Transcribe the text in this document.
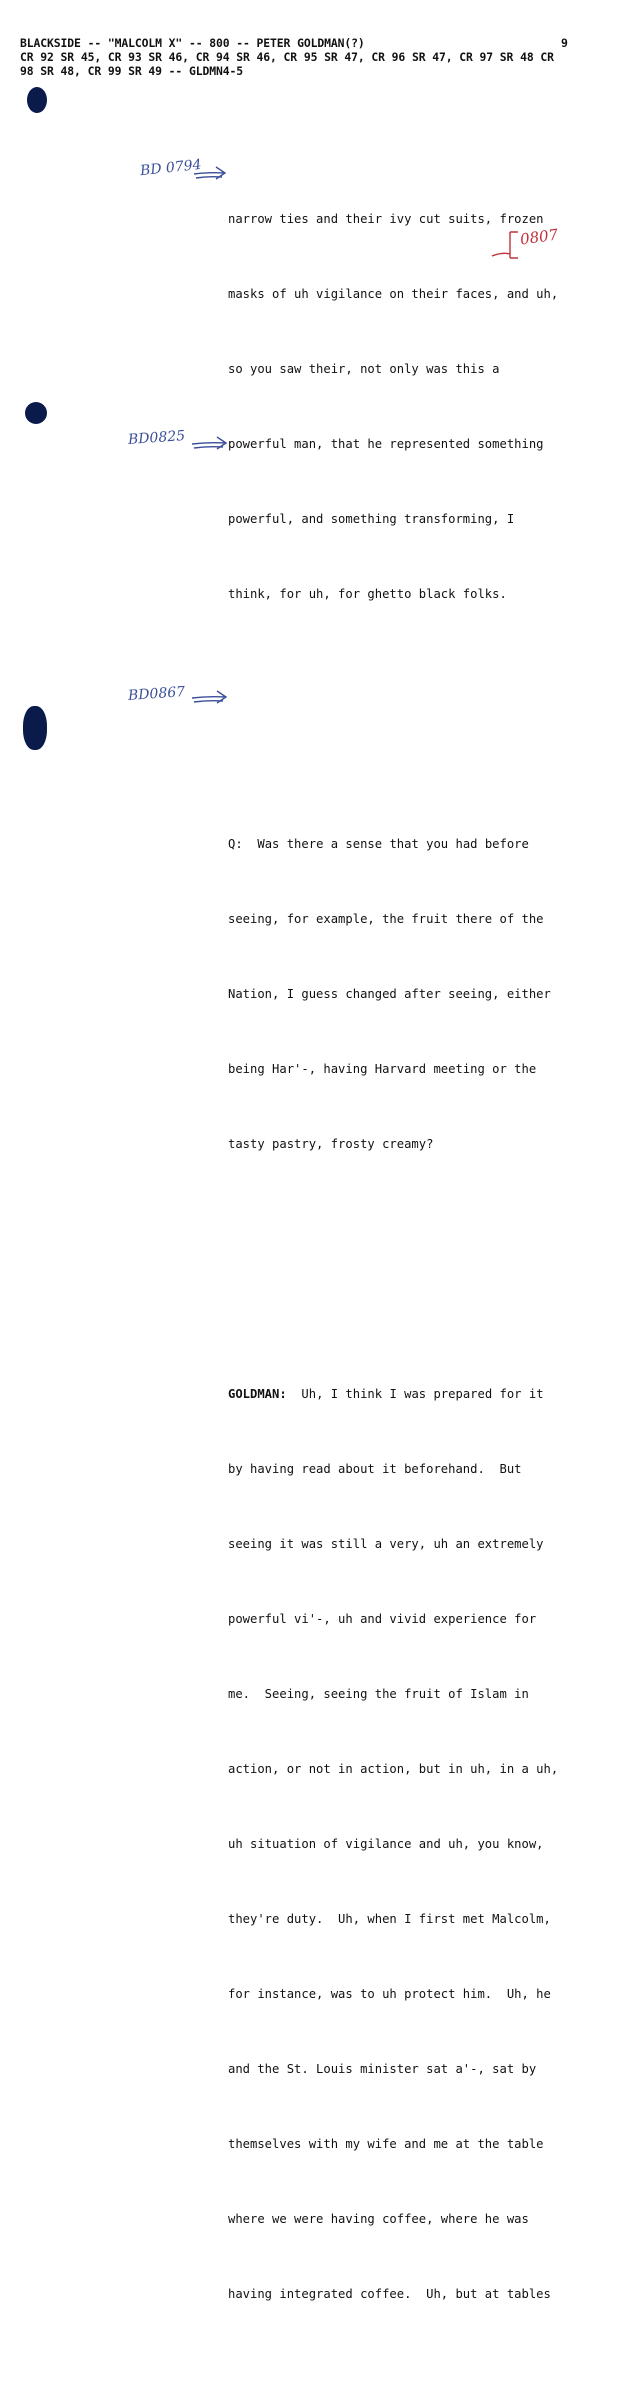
BLACKSIDE -- "MALCOLM X" -- 800 -- PETER GOLDMAN(?)
CR 92 SR 45, CR 93 SR 46, CR 94 SR 46, CR 95 SR 47, CR 96 SR 47, CR 97 SR 48 CR
98 SR 48, CR 99 SR 49 -- GLDMN4-5
9

narrow ties and their ivy cut suits, frozen

masks of uh vigilance on their faces, and uh,

so you saw their, not only was this a

powerful man, that he represented something

powerful, and something transforming, I

think, for uh, for ghetto black folks.

Q: Was there a sense that you had before

seeing, for example, the fruit there of the

Nation, I guess changed after seeing, either

being Har'-, having Harvard meeting or the

tasty pastry, frosty creamy?

GOLDMAN: Uh, I think I was prepared for it

by having read about it beforehand.  But

seeing it was still a very, uh an extremely

powerful vi'-, uh and vivid experience for

me.  Seeing, seeing the fruit of Islam in

action, or not in action, but in uh, in a uh,

uh situation of vigilance and uh, you know,

they're duty.  Uh, when I first met Malcolm,

for instance, was to uh protect him.  Uh, he

and the St. Louis minister sat a'-, sat by

themselves with my wife and me at the table

where we were having coffee, where he was

having integrated coffee.  Uh, but at tables

BD 0794
BD0825
BD0867
0807
